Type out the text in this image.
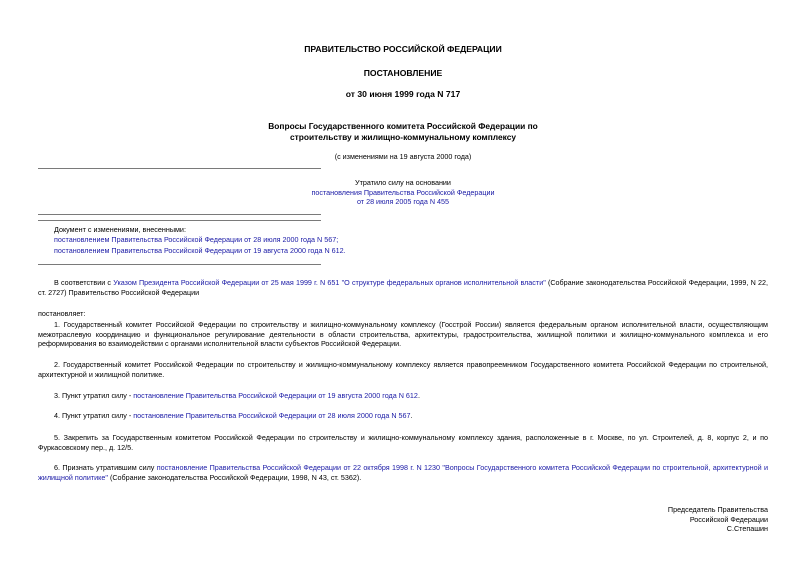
ПРАВИТЕЛЬСТВО РОССИЙСКОЙ ФЕДЕРАЦИИ
ПОСТАНОВЛЕНИЕ
от 30 июня 1999 года N 717
Вопросы Государственного комитета Российской Федерации по
строительству и жилищно-коммунальному комплексу
(с изменениями на 19 августа 2000 года)
Утратило силу на основании
постановления Правительства Российской Федерации
от 28 июля 2005 года N 455
Документ с изменениями, внесенными:
постановлением Правительства Российской Федерации от 28 июля 2000 года N 567;
постановлением Правительства Российской Федерации от 19 августа 2000 года N 612.
В соответствии с Указом Президента Российской Федерации от 25 мая 1999 г. N 651 "О структуре федеральных органов исполнительной власти" (Собрание законодательства Российской Федерации, 1999, N 22, ст. 2727) Правительство Российской Федерации
постановляет:
1. Государственный комитет Российской Федерации по строительству и жилищно-коммунальному комплексу (Госстрой России) является федеральным органом исполнительной власти, осуществляющим межотраслевую координацию и функциональное регулирование деятельности в области строительства, архитектуры, градостроительства, жилищной политики и жилищно-коммунального комплекса и его реформирования во взаимодействии с органами исполнительной власти субъектов Российской Федерации.
2. Государственный комитет Российской Федерации по строительству и жилищно-коммунальному комплексу является правопреемником Государственного комитета Российской Федерации по строительной, архитектурной и жилищной политике.
3. Пункт утратил силу - постановление Правительства Российской Федерации от 19 августа 2000 года N 612.
4. Пункт утратил силу - постановление Правительства Российской Федерации от 28 июля 2000 года N 567.
5. Закрепить за Государственным комитетом Российской Федерации по строительству и жилищно-коммунальному комплексу здания, расположенные в г. Москве, по ул. Строителей, д. 8, корпус 2, и по Фуркасовскому пер., д. 12/5.
6. Признать утратившим силу постановление Правительства Российской Федерации от 22 октября 1998 г. N 1230 "Вопросы Государственного комитета Российской Федерации по строительной, архитектурной и жилищной политике" (Собрание законодательства Российской Федерации, 1998, N 43, ст. 5362).
Председатель Правительства
Российской Федерации
С.Степашин
